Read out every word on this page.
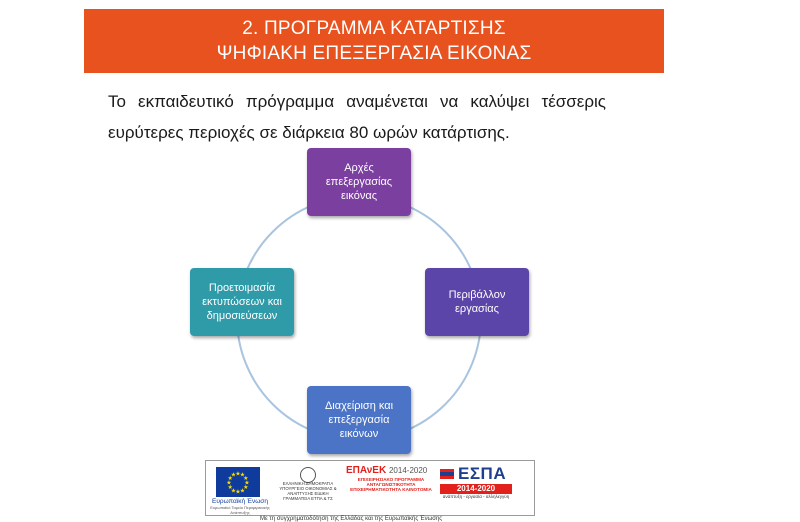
2. ΠΡΟΓΡΑΜΜΑ ΚΑΤΑΡΤΙΣΗΣ
ΨΗΦΙΑΚΗ ΕΠΕΞΕΡΓΑΣΙΑ ΕΙΚΟΝΑΣ
Το εκπαιδευτικό πρόγραμμα αναμένεται να καλύψει τέσσερις
ευρύτερες περιοχές σε διάρκεια 80 ωρών κατάρτισης.
Αρχές επεξεργασίας εικόνας
Περιβάλλον εργασίας
Διαχείριση και επεξεργασία εικόνων
Προετοιμασία εκτυπώσεων και δημοσιεύσεων
★
★
★
★
★
★
★
★
★ ★ ★
★
Ευρωπαϊκή Ένωση
Ευρωπαϊκό Ταμείο Περιφερειακής Ανάπτυξης
ΕΛΛΗΝΙΚΗ ΔΗΜΟΚΡΑΤΙΑ ΥΠΟΥΡΓΕΙΟ ΟΙΚΟΝΟΜΙΑΣ & ΑΝΑΠΤΥΞΗΣ ΕΙΔΙΚΗ ΓΡΑΜΜΑΤΕΙΑ ΕΤΠΑ & ΤΣ
ΕΠΑνΕΚ 2014-2020
ΕΠΙΧΕΙΡΗΣΙΑΚΟ ΠΡΟΓΡΑΜΜΑ ΑΝΤΑΓΩΝΙΣΤΙΚΟΤΗΤΑ ΕΠΙΧΕΙΡΗΜΑΤΙΚΟΤΗΤΑ ΚΑΙΝΟΤΟΜΙΑ
ΕΣΠΑ
2014-2020
ανάπτυξη - εργασία - αλληλεγγύη
Με τη συγχρηματοδότηση της Ελλάδας και της Ευρωπαϊκής Ένωσης
